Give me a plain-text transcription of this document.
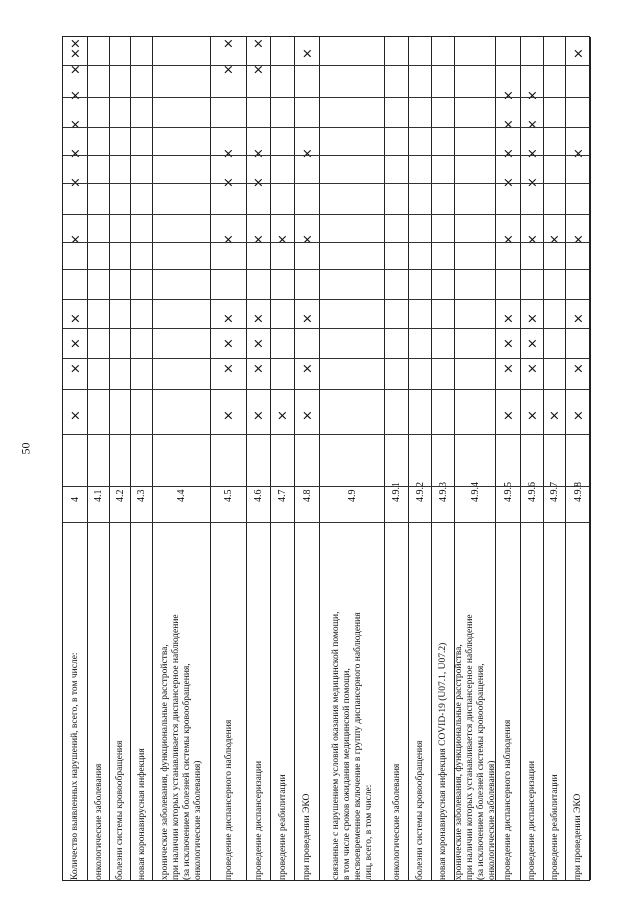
50
Количество выявленных нарушений, всего, в том числе:
4
×
×
×
×
×
×
×
×
×
×
×
×
онкологические заболевания
4.1
болезни системы кровообращения
4.2
новая коронавирусная инфекция
4.3
хронические заболевания, функциональные расстройства,
при наличии которых устанавливается диспансерное наблюдение
(за исключением болезней системы кровообращения,
онкологические заболевания)
4.4
проведение диспансерного наблюдения
4.5
×
×
×
×
×
×
×
×
×
проведение диспансеризации
4.6
×
×
×
×
×
×
×
×
×
проведение реабилитации
4.7
×
×
при проведении ЭКО
4.8
×
×
×
×
×
×
связанные с нарушением условий оказания медицинской помощи,
в том числе сроков ожидания медицинской помощи,
несвоевременное включение в группу диспансерного наблюдения
лиц, всего, в том числе:
4.9
онкологические заболевания
4.9.1
болезни системы кровообращения
4.9.2
новая коронавирусная инфекция COVID-19 (U07.1, U07.2)
4.9.3
хронические заболевания, функциональные расстройства,
при наличии которых устанавливается диспансерное наблюдение
(за исключением болезней системы кровообращения,
онкологические заболевания)
4.9.4
проведение диспансерного наблюдения
4.9.5
×
×
×
×
×
×
×
×
×
проведение диспансеризации
4.9.6
×
×
×
×
×
×
×
×
×
проведение реабилитации
4.9.7
×
×
при проведении ЭКО
4.9.8
×
×
×
×
×
×
